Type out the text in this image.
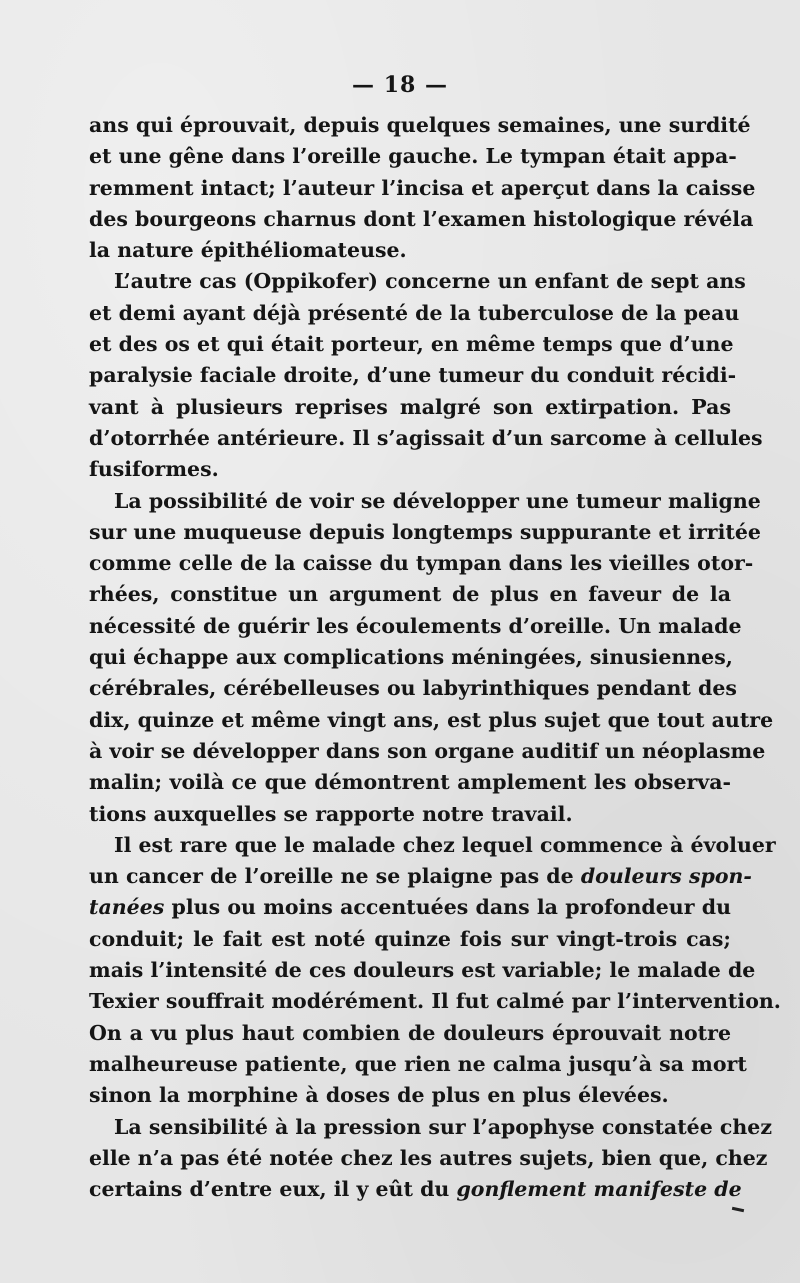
— 18 —
ans qui éprouvait, depuis quelques semaines, une surdité
et une gêne dans l’oreille gauche. Le tympan était appa-
remment intact; l’auteur l’incisa et aperçut dans la caisse
des bourgeons charnus dont l’examen histologique révéla
la nature épithéliomateuse.
L’autre cas (Oppikofer) concerne un enfant de sept ans
et demi ayant déjà présenté de la tuberculose de la peau
et des os et qui était porteur, en même temps que d’une
paralysie faciale droite, d’une tumeur du conduit récidi-
vant à plusieurs reprises malgré son extirpation. Pas
d’otorrhée antérieure. Il s’agissait d’un sarcome à cellules
fusiformes.
La possibilité de voir se développer une tumeur maligne
sur une muqueuse depuis longtemps suppurante et irritée
comme celle de la caisse du tympan dans les vieilles otor-
rhées, constitue un argument de plus en faveur de la
nécessité de guérir les écoulements d’oreille. Un malade
qui échappe aux complications méningées, sinusiennes,
cérébrales, cérébelleuses ou labyrinthiques pendant des
dix, quinze et même vingt ans, est plus sujet que tout autre
à voir se développer dans son organe auditif un néoplasme
malin; voilà ce que démontrent amplement les observa-
tions auxquelles se rapporte notre travail.
Il est rare que le malade chez lequel commence à évoluer
un cancer de l’oreille ne se plaigne pas de douleurs spon-
tanées plus ou moins accentuées dans la profondeur du
conduit; le fait est noté quinze fois sur vingt-trois cas;
mais l’intensité de ces douleurs est variable; le malade de
Texier souffrait modérément. Il fut calmé par l’intervention.
On a vu plus haut combien de douleurs éprouvait notre
malheureuse patiente, que rien ne calma jusqu’à sa mort
sinon la morphine à doses de plus en plus élevées.
La sensibilité à la pression sur l’apophyse constatée chez
elle n’a pas été notée chez les autres sujets, bien que, chez
certains d’entre eux, il y eût du gonflement manifeste de
